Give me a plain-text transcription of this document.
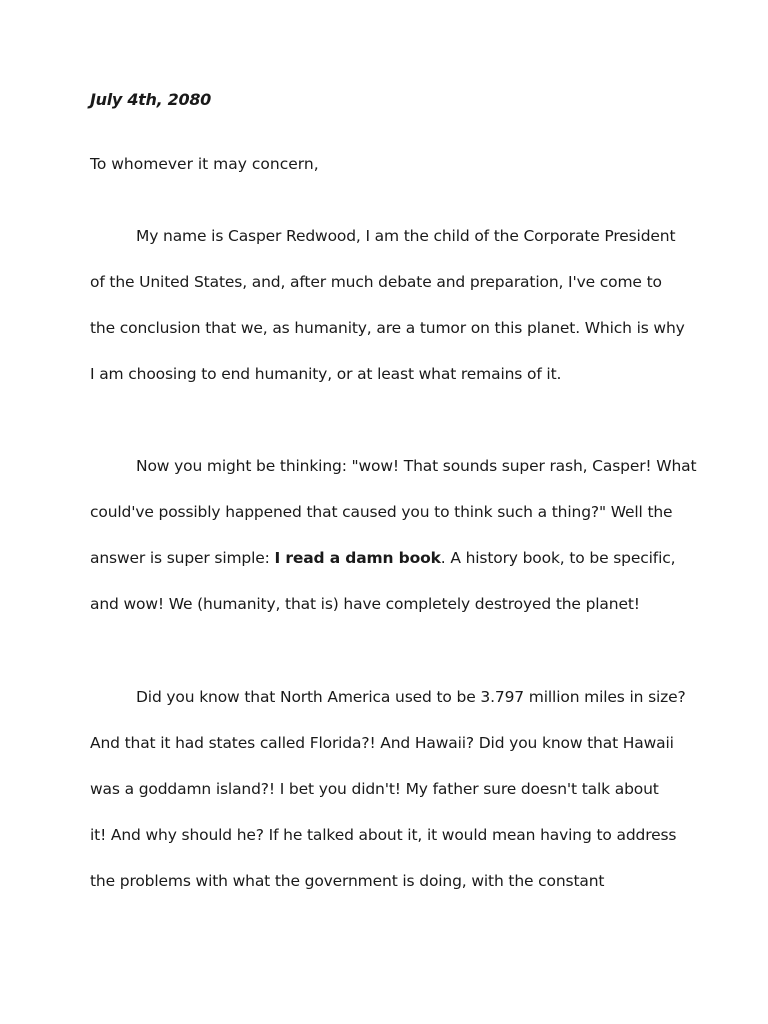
July 4th, 2080
To whomever it may concern,
My name is Casper Redwood, I am the child of the Corporate President
of the United States, and, after much debate and preparation, I've come to
the conclusion that we, as humanity, are a tumor on this planet. Which is why
I am choosing to end humanity, or at least what remains of it.
Now you might be thinking: "wow! That sounds super rash, Casper! What
could've possibly happened that caused you to think such a thing?" Well the
answer is super simple: I read a damn book. A history book, to be specific,
and wow! We (humanity, that is) have completely destroyed the planet!
Did you know that North America used to be 3.797 million miles in size?
And that it had states called Florida?! And Hawaii? Did you know that Hawaii
was a goddamn island?! I bet you didn't! My father sure doesn't talk about
it! And why should he? If he talked about it, it would mean having to address
the problems with what the government is doing, with the constant
